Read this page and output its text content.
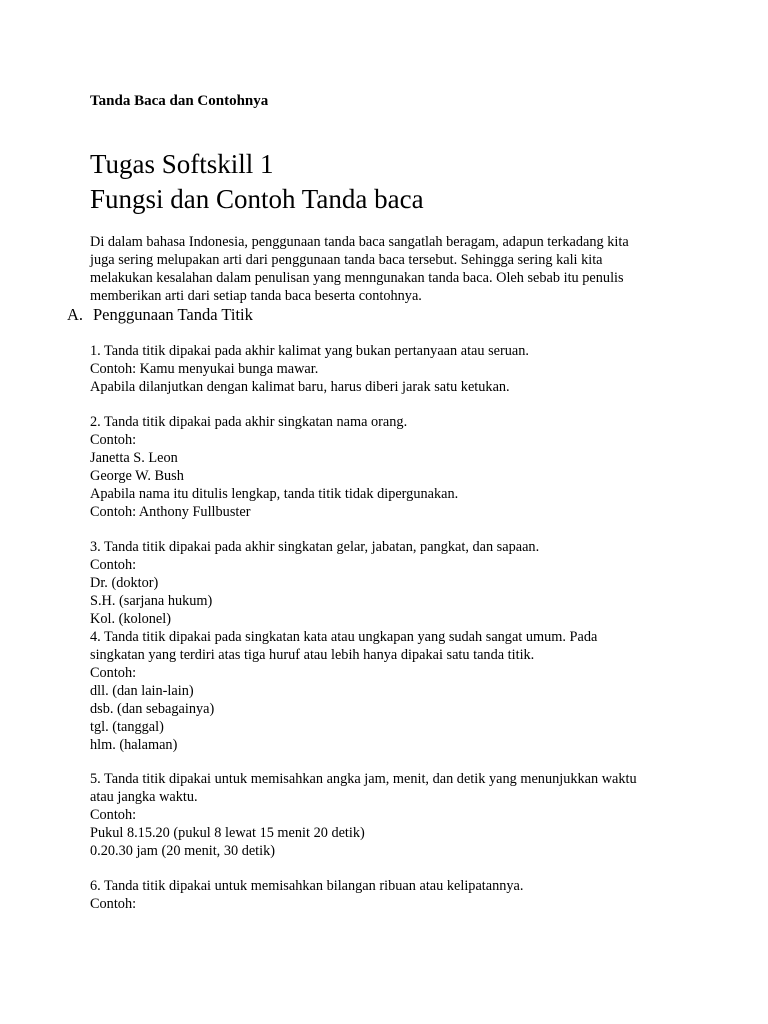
Tanda Baca dan Contohnya
Tugas Softskill 1
Fungsi dan Contoh Tanda baca
Di dalam bahasa Indonesia, penggunaan tanda baca sangatlah beragam, adapun terkadang kita
juga sering melupakan arti dari penggunaan tanda baca tersebut. Sehingga sering kali kita
melakukan kesalahan dalam penulisan yang menngunakan tanda baca. Oleh sebab itu penulis
memberikan arti dari setiap tanda baca beserta contohnya.
A. Penggunaan Tanda Titik
1. Tanda titik dipakai pada akhir kalimat yang bukan pertanyaan atau seruan.
Contoh: Kamu menyukai bunga mawar.
Apabila dilanjutkan dengan kalimat baru, harus diberi jarak satu ketukan.
2. Tanda titik dipakai pada akhir singkatan nama orang.
Contoh:
Janetta S. Leon
George W. Bush
Apabila nama itu ditulis lengkap, tanda titik tidak dipergunakan.
Contoh: Anthony Fullbuster
3. Tanda titik dipakai pada akhir singkatan gelar, jabatan, pangkat, dan sapaan.
Contoh:
Dr. (doktor)
S.H. (sarjana hukum)
Kol. (kolonel)
4. Tanda titik dipakai pada singkatan kata atau ungkapan yang sudah sangat umum. Pada
singkatan yang terdiri atas tiga huruf atau lebih hanya dipakai satu tanda titik.
Contoh:
dll. (dan lain-lain)
dsb. (dan sebagainya)
tgl. (tanggal)
hlm. (halaman)
5. Tanda titik dipakai untuk memisahkan angka jam, menit, dan detik yang menunjukkan waktu
atau jangka waktu.
Contoh:
Pukul 8.15.20 (pukul 8 lewat 15 menit 20 detik)
0.20.30 jam (20 menit, 30 detik)
6. Tanda titik dipakai untuk memisahkan bilangan ribuan atau kelipatannya.
Contoh:
